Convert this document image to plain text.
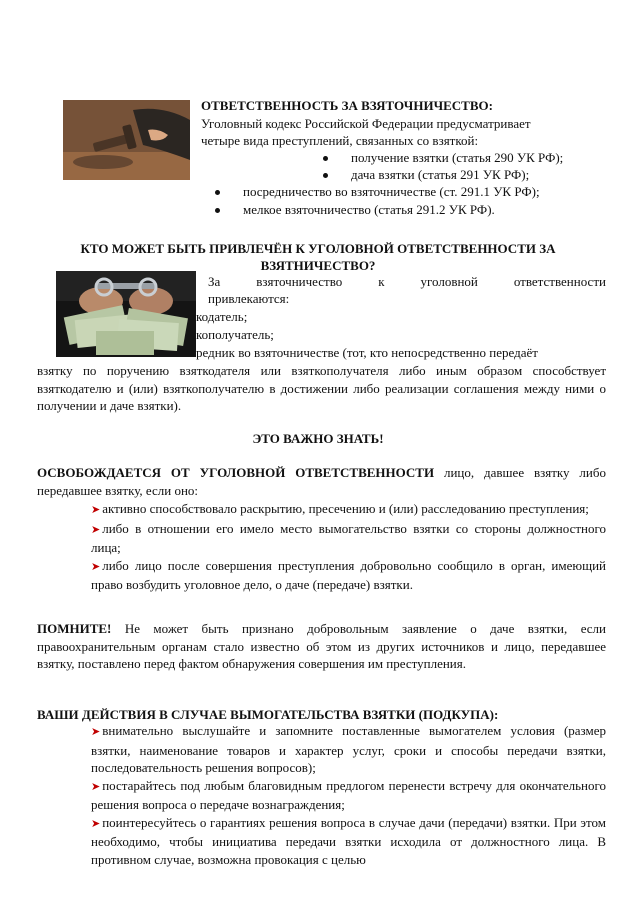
ОТВЕТСТВЕННОСТЬ ЗА ВЗЯТОЧНИЧЕСТВО:
Уголовный кодекс Российской Федерации предусматривает
четыре вида преступлений, связанных со взяткой:
получение взятки (статья 290 УК РФ);
дача взятки (статья 291 УК РФ);
посредничество во взяточничестве (ст. 291.1 УК РФ);
мелкое взяточничество (статья 291.2 УК РФ).
КТО МОЖЕТ БЫТЬ ПРИВЛЕЧЁН К УГОЛОВНОЙ ОТВЕТСТВЕННОСТИ ЗА
ВЗЯТНИЧЕСТВО?
За	взяточничество	к	уголовной	ответственности
привлекаются:
кодатель;
кополучатель;
редник во взяточничестве (тот, кто непосредственно передаёт
взятку по поручению взяткодателя или взяткополучателя либо иным образом способствует взяткодателю и (или) взяткополучателю в достижении либо реализации соглашения между ними о получении и даче взятки).
ЭТО ВАЖНО ЗНАТЬ!
ОСВОБОЖДАЕТСЯ ОТ УГОЛОВНОЙ ОТВЕТСТВЕННОСТИ лицо, давшее взятку либо передавшее взятку, если оно:

➤ активно способствовало раскрытию, пресечению и (или) расследованию преступления;

➤ либо в отношении его имело место вымогательство взятки со стороны должностного лица;

➤ либо лицо после совершения преступления добровольно сообщило в орган, имеющий право возбудить уголовное дело, о даче (передаче) взятки.

ПОМНИТЕ! Не может быть признано добровольным заявление о даче взятки, если правоохранительным органам стало известно об этом из других источников и лицо, передавшее взятку, поставлено перед фактом обнаружения совершения им преступления.
ВАШИ ДЕЙСТВИЯ В СЛУЧАЕ ВЫМОГАТЕЛЬСТВА ВЗЯТКИ (ПОДКУПА):

➤ внимательно выслушайте и запомните поставленные вымогателем условия (размер взятки, наименование товаров и характер услуг, сроки и способы передачи взятки, последовательность решения вопросов);

➤ постарайтесь под любым благовидным предлогом перенести встречу для окончательного решения вопроса о передаче вознаграждения;

➤ поинтересуйтесь о гарантиях решения вопроса в случае дачи (передачи) взятки. При этом необходимо, чтобы инициатива передачи взятки исходила от должностного лица. В противном случае, возможна провокация с целью
